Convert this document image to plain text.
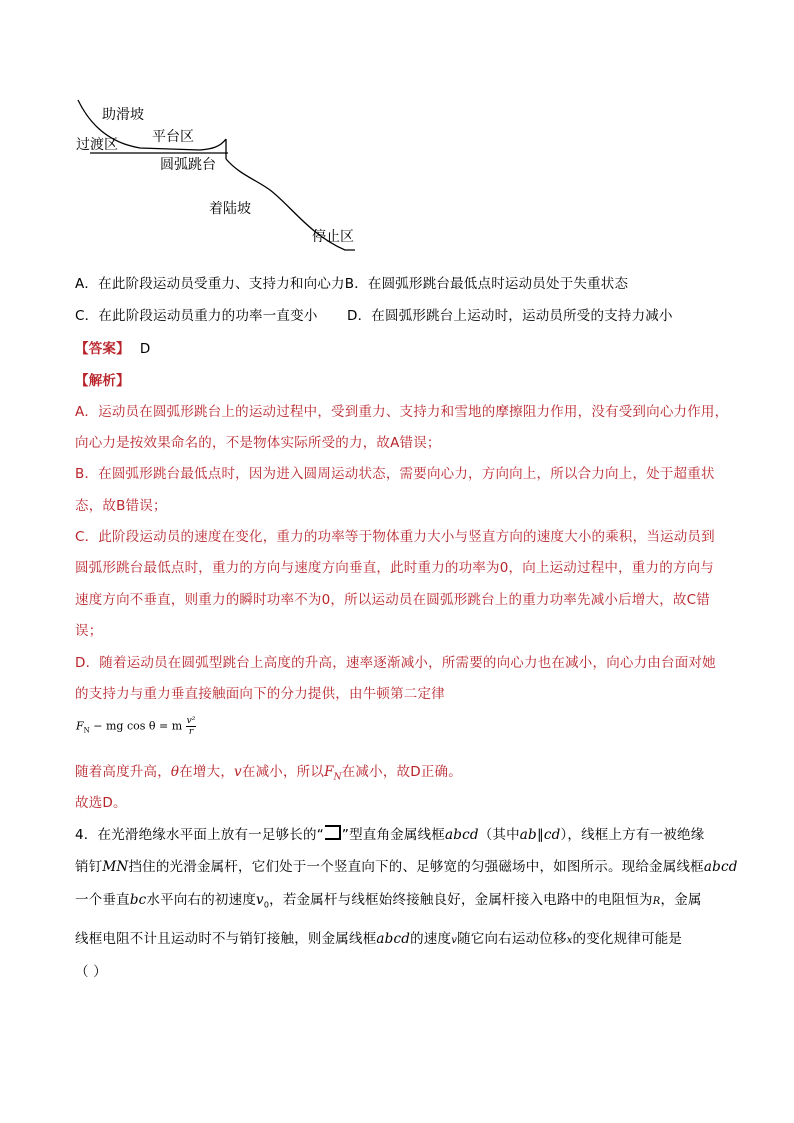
助滑坡
平台区
过渡区
圆弧跳台
着陆坡
停止区
A．在此阶段运动员受重力、支持力和向心力B．在圆弧形跳台最低点时运动员处于失重状态
C．在此阶段运动员重力的功率一直变小 D．在圆弧形跳台上运动时，运动员所受的支持力减小
【答案】 D
【解析】
A．运动员在圆弧形跳台上的运动过程中，受到重力、支持力和雪地的摩擦阻力作用，没有受到向心力作用，
向心力是按效果命名的，不是物体实际所受的力，故A错误；
B．在圆弧形跳台最低点时，因为进入圆周运动状态，需要向心力，方向向上，所以合力向上，处于超重状
态，故B错误；
C．此阶段运动员的速度在变化，重力的功率等于物体重力大小与竖直方向的速度大小的乘积，当运动员到
圆弧形跳台最低点时，重力的方向与速度方向垂直，此时重力的功率为0，向上运动过程中，重力的方向与
速度方向不垂直，则重力的瞬时功率不为0，所以运动员在圆弧形跳台上的重力功率先减小后增大，故C错
误；
D．随着运动员在圆弧型跳台上高度的升高，速率逐渐减小，所需要的向心力也在减小，向心力由台面对她
的支持力与重力垂直接触面向下的分力提供，由牛顿第二定律
$F_N$ − mg cos θ = m $\frac{\text{v²}}{r}$
随着高度升高，θ在增大，v在减小，所以$F_N$在减小，故D正确。
故选D。
4．在光滑绝缘水平面上放有一足够长的“ ”型直角金属线框abcd（其中ab∥cd），线框上方有一被绝缘
销钉MN挡住的光滑金属杆，它们处于一个竖直向下的、足够宽的匀强磁场中，如图所示。现给金属线框abcd
一个垂直bc水平向右的初速度$v_0$，若金属杆与线框始终接触良好，金属杆接入电路中的电阻恒为R，金属
线框电阻不计且运动时不与销钉接触，则金属线框abcd的速度v随它向右运动位移x的变化规律可能是
（ ）
